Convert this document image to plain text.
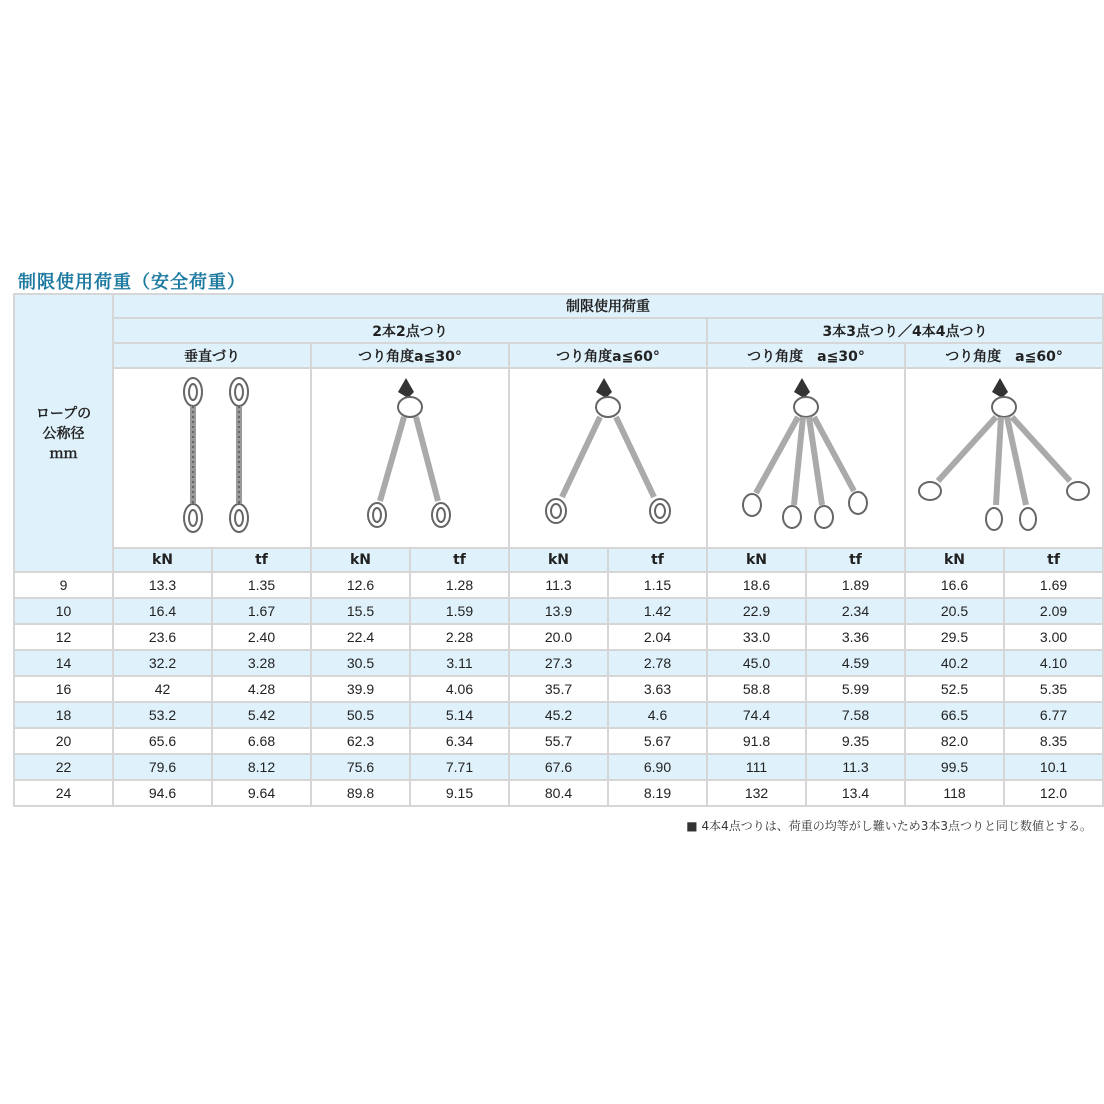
制限使用荷重（安全荷重）
ロープの
公称径
ｍｍ	制限使用荷重									
	2本2点つり						3本3点つり／4本4点つり			
	垂直づり		つり角度a≦30°		つり角度a≦60°		つり角度　a≦30°		つり角度　a≦60°	

	kN	tf	kN	tf	kN	tf	kN	tf	kN	tf
9	13.3	1.35	12.6	1.28	11.3	1.15	18.6	1.89	16.6	1.69
10	16.4	1.67	15.5	1.59	13.9	1.42	22.9	2.34	20.5	2.09
12	23.6	2.40	22.4	2.28	20.0	2.04	33.0	3.36	29.5	3.00
14	32.2	3.28	30.5	3.11	27.3	2.78	45.0	4.59	40.2	4.10
16	42	4.28	39.9	4.06	35.7	3.63	58.8	5.99	52.5	5.35
18	53.2	5.42	50.5	5.14	45.2	4.6	74.4	7.58	66.5	6.77
20	65.6	6.68	62.3	6.34	55.7	5.67	91.8	9.35	82.0	8.35
22	79.6	8.12	75.6	7.71	67.6	6.90	111	11.3	99.5	10.1
24	94.6	9.64	89.8	9.15	80.4	8.19	132	13.4	118	12.0
■ 4本4点つりは、荷重の均等がし難いため3本3点つりと同じ数値とする。
